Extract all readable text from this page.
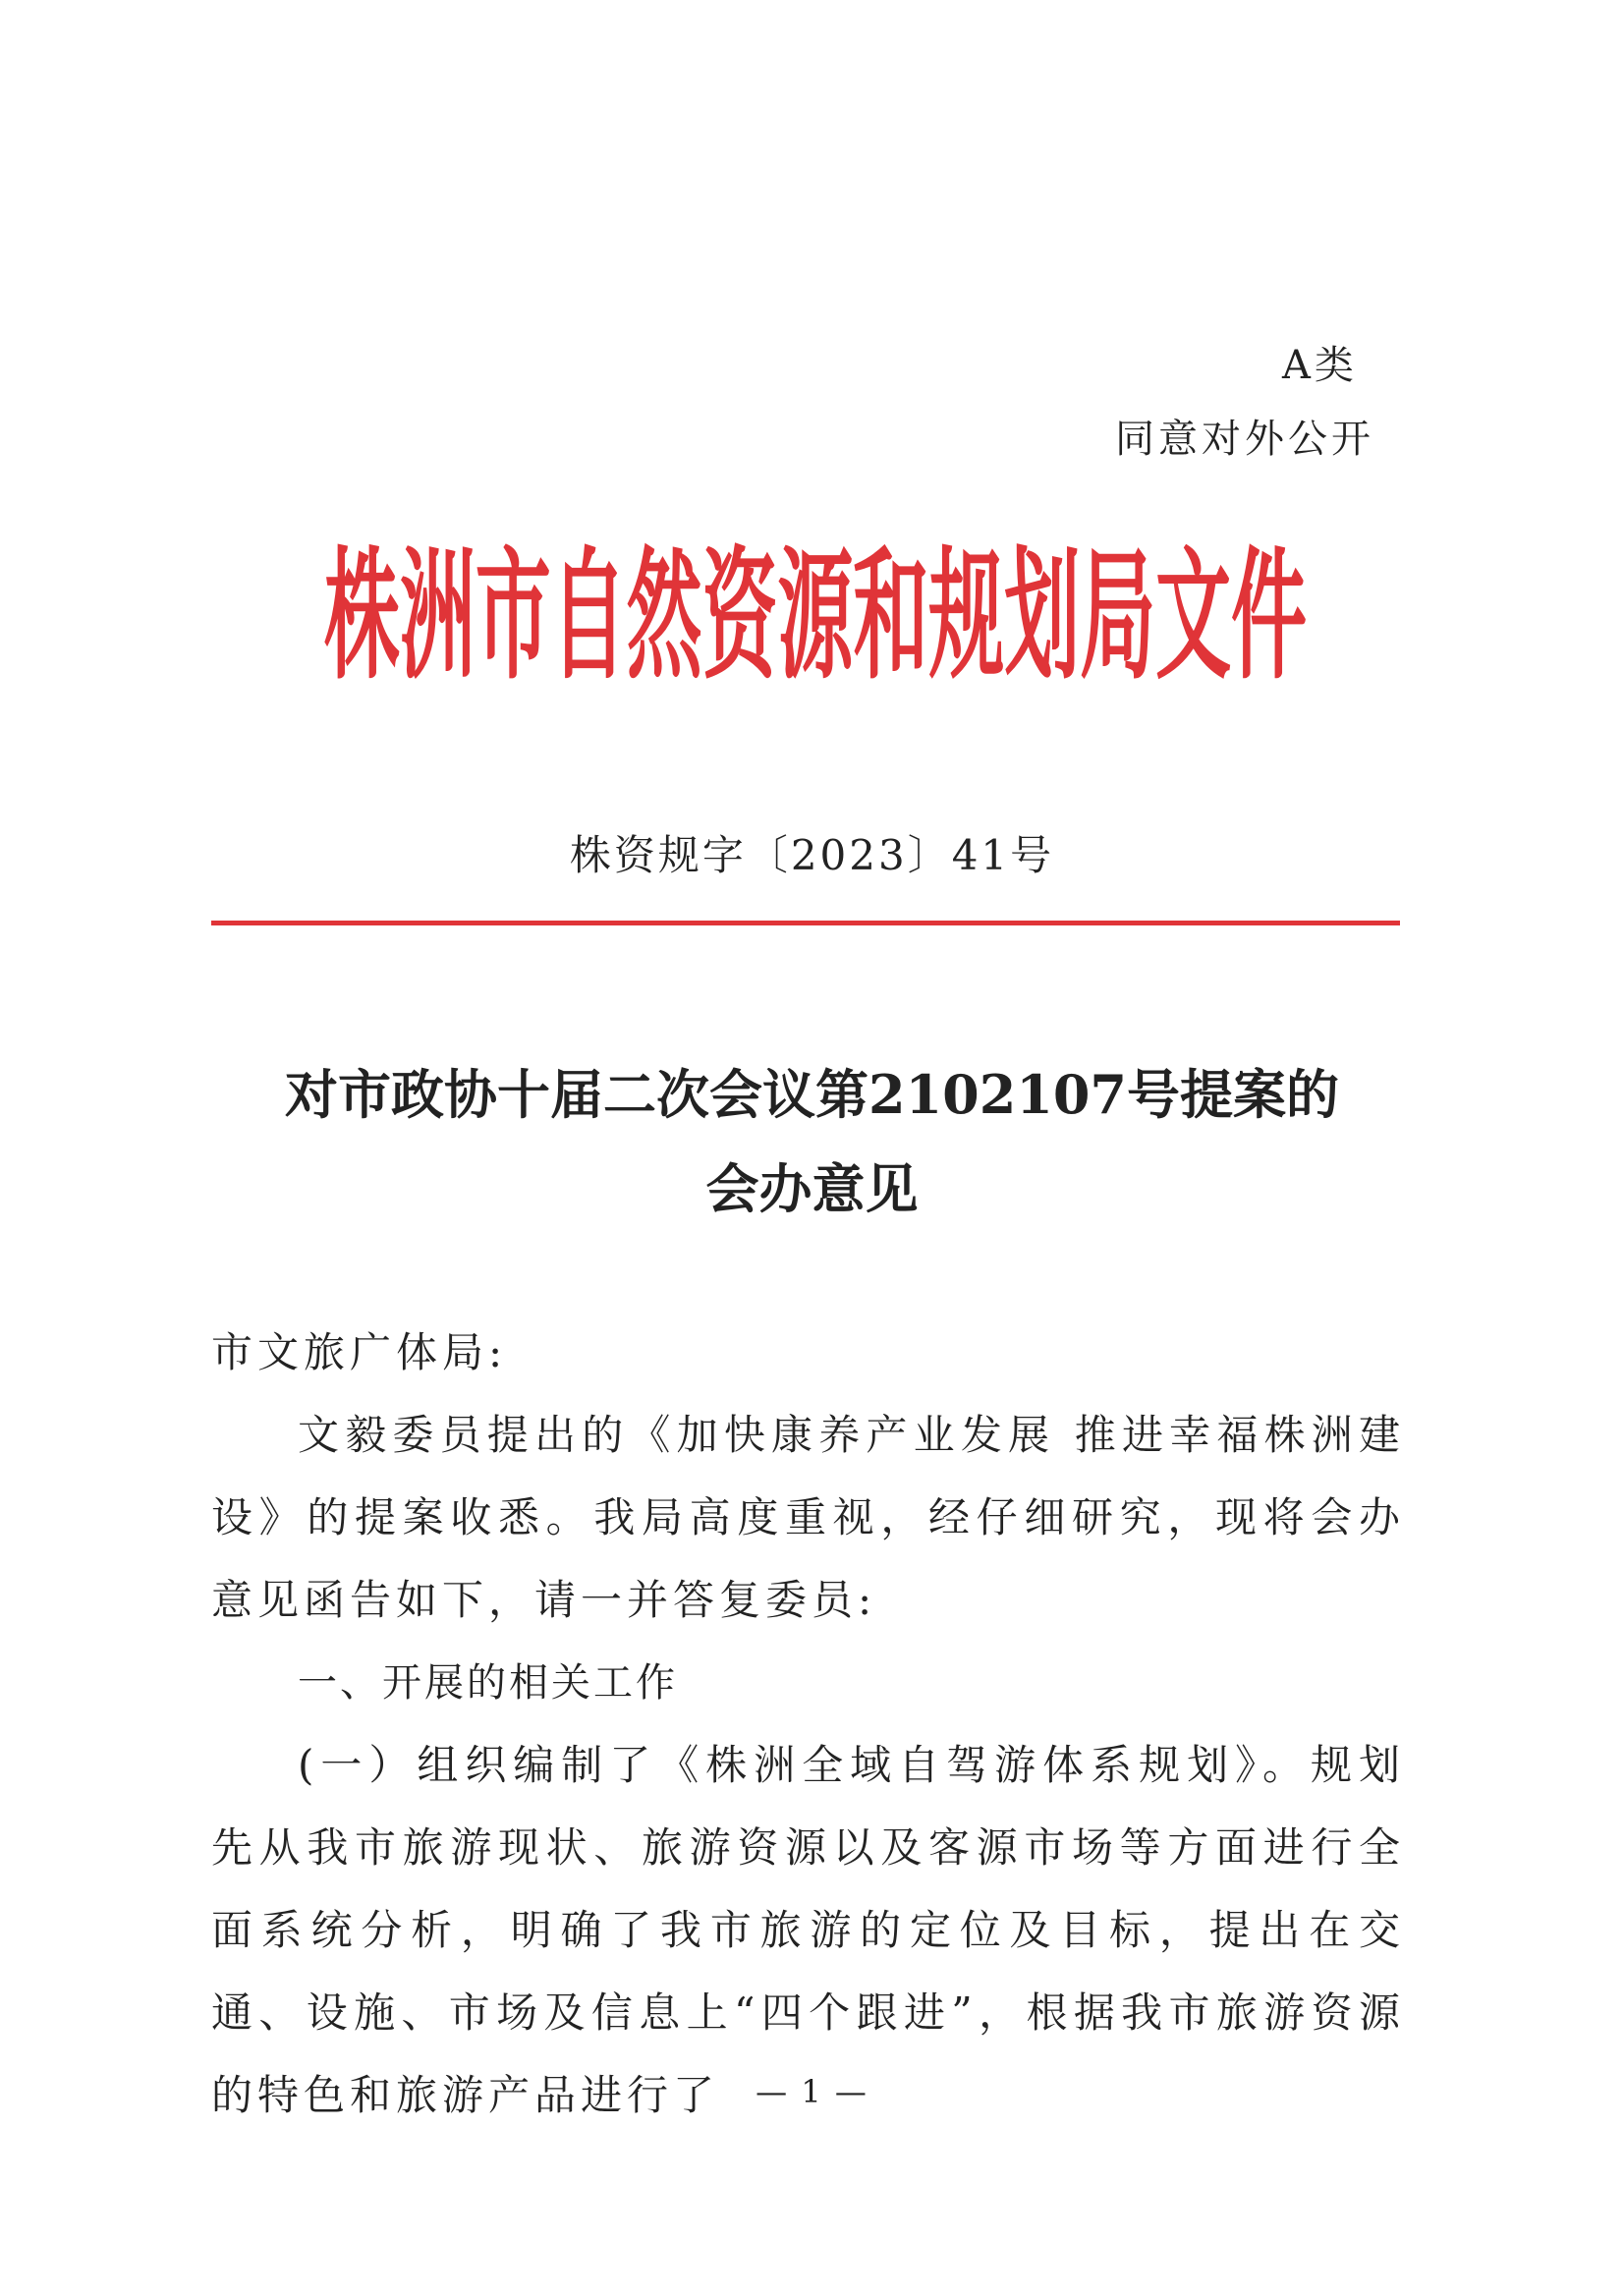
A类
同意对外公开
株洲市自然资源和规划局文件
株资规字〔2023〕41号
对市政协十届二次会议第2102107号提案的
会办意见

市文旅广体局:

文毅委员提出的《加快康养产业发展 推进幸福株洲建设》的提案收悉。我局高度重视，经仔细研究，现将会办意见函告如下，请一并答复委员:

一、开展的相关工作

(一）组织编制了《株洲全域自驾游体系规划》。规划先从我市旅游现状、旅游资源以及客源市场等方面进行全面系统分析，明确了我市旅游的定位及目标，提出在交通、设施、市场及信息上“四个跟进”，根据我市旅游资源的特色和旅游产品进行了	— 1 —
